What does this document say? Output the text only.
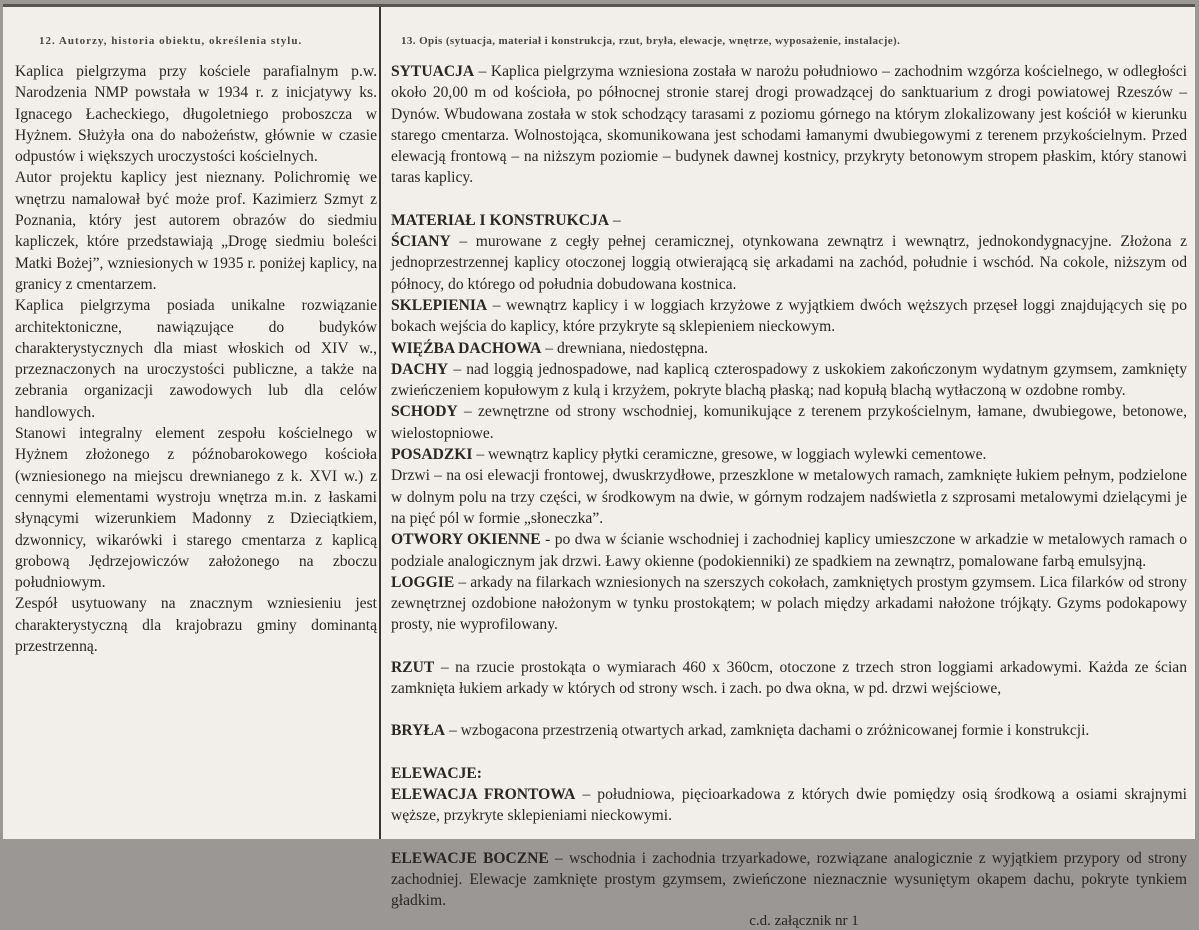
12. Autorzy, historia obiektu, określenia stylu.

Kaplica pielgrzyma przy kościele parafialnym p.w. Narodzenia NMP powstała w 1934 r. z inicjatywy ks. Ignacego Łacheckiego, długoletniego proboszcza w Hyżnem. Służyła ona do nabożeństw, głównie w czasie odpustów i większych uroczystości kościelnych.

Autor projektu kaplicy jest nieznany. Polichromię we wnętrzu namalował być może prof. Kazimierz Szmyt z Poznania, który jest autorem obrazów do siedmiu kapliczek, które przedstawiają „Drogę siedmiu boleści Matki Bożej”, wzniesionych w 1935 r. poniżej kaplicy, na granicy z cmentarzem.

Kaplica pielgrzyma posiada unikalne rozwiązanie architektoniczne, nawiązujące do budyków charakterystycznych dla miast włoskich od XIV w., przeznaczonych na uroczystości publiczne, a także na zebrania organizacji zawodowych lub dla celów handlowych.

Stanowi integralny element zespołu kościelnego w Hyżnem złożonego z późnobarokowego kościoła (wzniesionego na miejscu drewnianego z k. XVI w.) z cennymi elementami wystroju wnętrza m.in. z łaskami słynącymi wizerunkiem Madonny z Dzieciątkiem, dzwonnicy, wikarówki i starego cmentarza z kaplicą grobową Jędrzejowiczów założonego na zboczu południowym.

Zespół usytuowany na znacznym wzniesieniu jest charakterystyczną dla krajobrazu gminy dominantą przestrzenną.

13. Opis (sytuacja, materiał i konstrukcja, rzut, bryła, elewacje, wnętrze, wyposażenie, instalacje).

SYTUACJA – Kaplica pielgrzyma wzniesiona została w narożu południowo – zachodnim wzgórza kościelnego, w odległości około 20,00 m od kościoła, po północnej stronie starej drogi prowadzącej do sanktuarium z drogi powiatowej Rzeszów – Dynów. Wbudowana została w stok schodzący tarasami z poziomu górnego na którym zlokalizowany jest kościół w kierunku starego cmentarza. Wolnostojąca, skomunikowana jest schodami łamanymi dwubiegowymi z terenem przykościelnym. Przed elewacją frontową – na niższym poziomie – budynek dawnej kostnicy, przykryty betonowym stropem płaskim, który stanowi taras kaplicy.

MATERIAŁ I KONSTRUKCJA –

ŚCIANY – murowane z cegły pełnej ceramicznej, otynkowana zewnątrz i wewnątrz, jednokondygnacyjne. Złożona z jednoprzestrzennej kaplicy otoczonej loggią otwierającą się arkadami na zachód, południe i wschód. Na cokole, niższym od północy, do którego od południa dobudowana kostnica.

SKLEPIENIA – wewnątrz kaplicy i w loggiach krzyżowe z wyjątkiem dwóch węższych przęseł loggi znajdujących się po bokach wejścia do kaplicy, które przykryte są sklepieniem nieckowym.

WIĘŹBA DACHOWA – drewniana, niedostępna.

DACHY – nad loggią jednospadowe, nad kaplicą czterospadowy z uskokiem zakończonym wydatnym gzymsem, zamknięty zwieńczeniem kopułowym z kulą i krzyżem, pokryte blachą płaską; nad kopułą blachą wytłaczoną w ozdobne romby.

SCHODY – zewnętrzne od strony wschodniej, komunikujące z terenem przykościelnym, łamane, dwubiegowe, betonowe, wielostopniowe.

POSADZKI – wewnątrz kaplicy płytki ceramiczne, gresowe, w loggiach wylewki cementowe.

Drzwi – na osi elewacji frontowej, dwuskrzydłowe, przeszklone w metalowych ramach, zamknięte łukiem pełnym, podzielone w dolnym polu na trzy części, w środkowym na dwie, w górnym rodzajem nadświetla z szprosami metalowymi dzielącymi je na pięć pól w formie „słoneczka”.

OTWORY OKIENNE - po dwa w ścianie wschodniej i zachodniej kaplicy umieszczone w arkadzie w metalowych ramach o podziale analogicznym jak drzwi. Ławy okienne (podokienniki) ze spadkiem na zewnątrz, pomalowane farbą emulsyjną.

LOGGIE – arkady na filarkach wzniesionych na szerszych cokołach, zamkniętych prostym gzymsem. Lica filarków od strony zewnętrznej ozdobione nałożonym w tynku prostokątem; w polach między arkadami nałożone trójkąty. Gzyms podokapowy prosty, nie wyprofilowany.

RZUT – na rzucie prostokąta o wymiarach 460 x 360cm, otoczone z trzech stron loggiami arkadowymi. Każda ze ścian zamknięta łukiem arkady w których od strony wsch. i zach. po dwa okna, w pd. drzwi wejściowe,

BRYŁA – wzbogacona przestrzenią otwartych arkad, zamknięta dachami o zróżnicowanej formie i konstrukcji.

ELEWACJE:

ELEWACJA FRONTOWA – południowa, pięcioarkadowa z których dwie pomiędzy osią środkową a osiami skrajnymi węższe, przykryte sklepieniami nieckowymi.

ELEWACJE BOCZNE – wschodnia i zachodnia trzyarkadowe, rozwiązane analogicznie z wyjątkiem przypory od strony zachodniej. Elewacje zamknięte prostym gzymsem, zwieńczone nieznacznie wysuniętym okapem dachu, pokryte tynkiem gładkim.

c.d. załącznik nr 1
